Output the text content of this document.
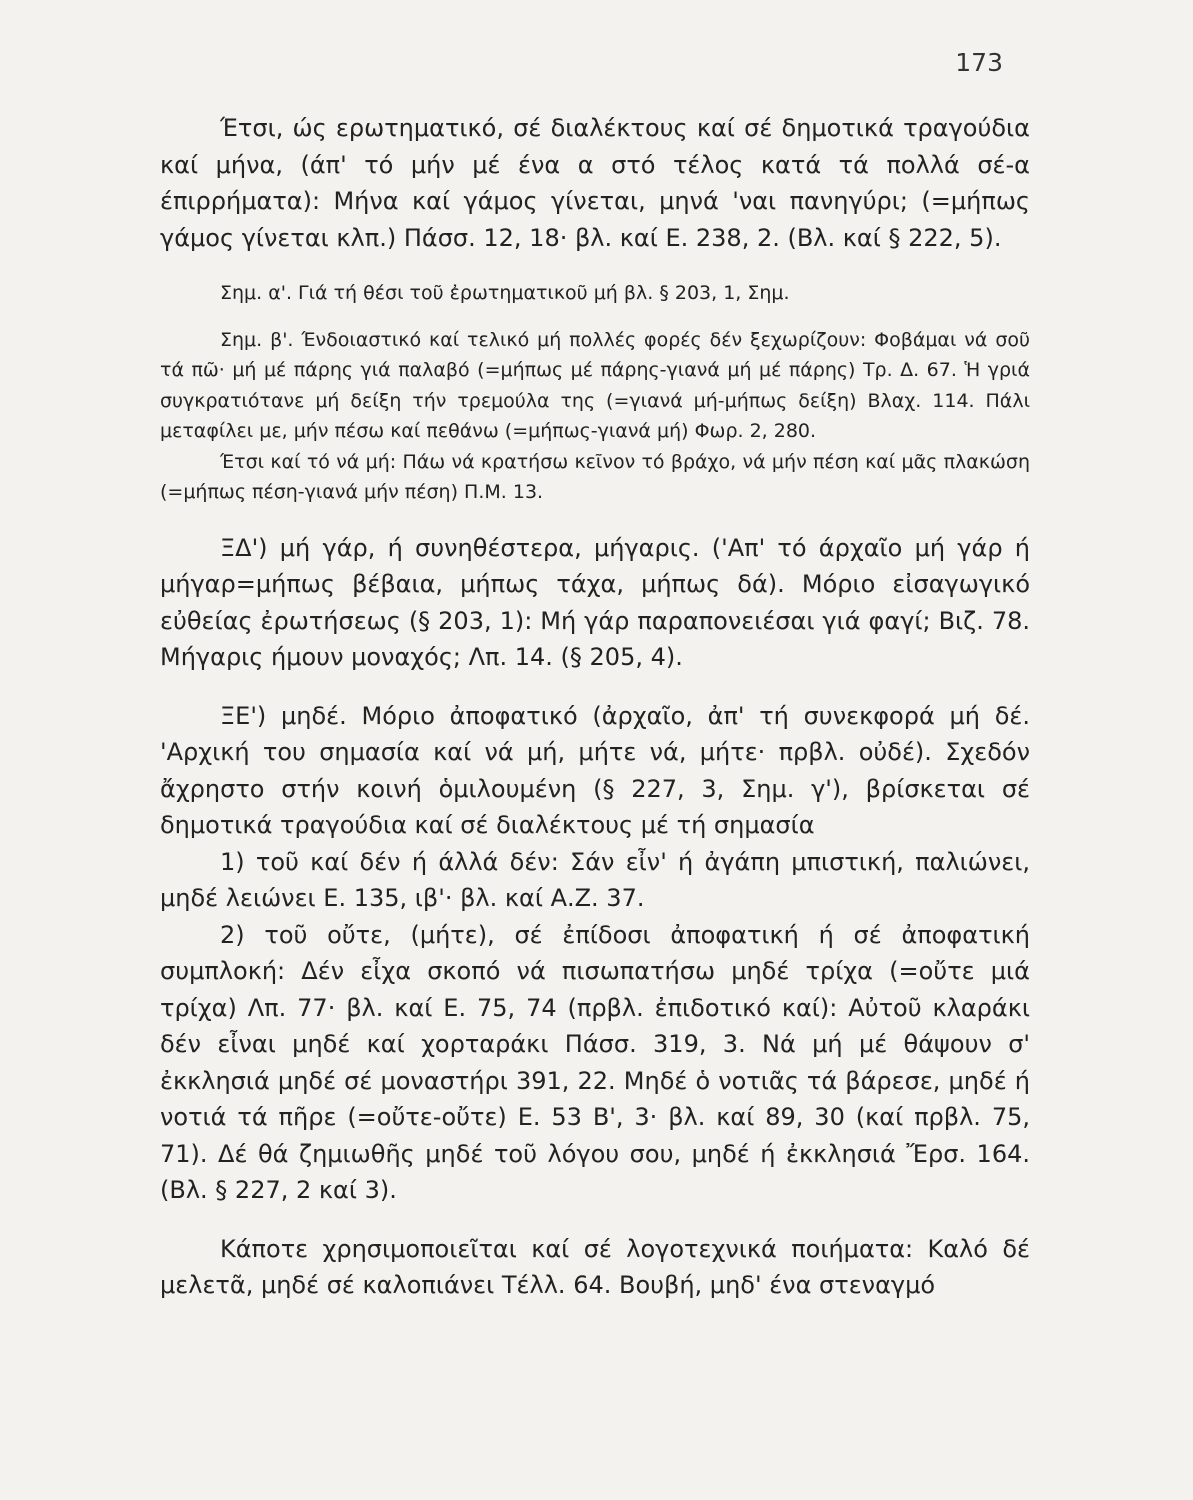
173

Έτσι, ώς ερωτηματικό, σέ διαλέκτους καί σέ δημοτικά τραγούδια καί μήνα, (άπ' τό μήν μέ ένα α στό τέλος κατά τά πολλά σέ-α έπιρρήματα): Μήνα καί γάμος γίνεται, μηνά 'ναι πανηγύρι; (=μήπως γάμος γίνεται κλπ.) Πάσσ. 12, 18· βλ. καί Ε. 238, 2. (Βλ. καί § 222, 5).

Σημ. α'. Γιά τή θέσι τοῦ ἐρωτηματικοῦ μή βλ. § 203, 1, Σημ.

Σημ. β'. Ένδοιαστικό καί τελικό μή πολλές φορές δέν ξεχωρίζουν: Φοβάμαι νά σοῦ τά πῶ· μή μέ πάρης γιά παλαβό (=μήπως μέ πάρης-γιανά μή μέ πάρης) Τρ. Δ. 67. Ἡ γριά συγκρατιότανε μή δείξη τήν τρεμούλα της (=γιανά μή-μήπως δείξη) Βλαχ. 114. Πάλι μεταφίλει με, μήν πέσω καί πεθάνω (=μήπως-γιανά μή) Φωρ. 2, 280.

Έτσι καί τό νά μή: Πάω νά κρατήσω κεῖνον τό βράχο, νά μήν πέση καί μᾶς πλακώση (=μήπως πέση-γιανά μήν πέση) Π.Μ. 13.

ΞΔ') μή γάρ, ή συνηθέστερα, μήγαρις. ('Απ' τό άρχαῖο μή γάρ ή μήγαρ=μήπως βέβαια, μήπως τάχα, μήπως δά). Μόριο εἰσαγωγικό εὐθείας ἐρωτήσεως (§ 203, 1): Μή γάρ παραπονειέσαι γιά φαγί; Βιζ. 78. Μήγαρις ήμουν μοναχός; Λπ. 14. (§ 205, 4).

ΞΕ') μηδέ. Μόριο ἀποφατικό (ἀρχαῖο, ἀπ' τή συνεκφορά μή δέ. 'Αρχική του σημασία καί νά μή, μήτε νά, μήτε· πρβλ. οὐδέ). Σχεδόν ἄχρηστο στήν κοινή ὁμιλουμένη (§ 227, 3, Σημ. γ'), βρίσκεται σέ δημοτικά τραγούδια καί σέ διαλέκτους μέ τή σημασία

1) τοῦ καί δέν ή άλλά δέν: Σάν εἶν' ή ἀγάπη μπιστική, παλιώνει, μηδέ λειώνει Ε. 135, ιβ'· βλ. καί Α.Ζ. 37.

2) τοῦ οὔτε, (μήτε), σέ ἐπίδοσι ἀποφατική ή σέ ἀποφατική συμπλοκή: Δέν εἶχα σκοπό νά πισωπατήσω μηδέ τρίχα (=οὔτε μιά τρίχα) Λπ. 77· βλ. καί Ε. 75, 74 (πρβλ. ἐπιδοτικό καί): Αὐτοῦ κλαράκι δέν εἶναι μηδέ καί χορταράκι Πάσσ. 319, 3. Νά μή μέ θάψουν σ' ἐκκλησιά μηδέ σέ μοναστήρι 391, 22. Μηδέ ὁ νοτιᾶς τά βάρεσε, μηδέ ή νοτιά τά πῆρε (=οὔτε-οὔτε) Ε. 53 Β', 3· βλ. καί 89, 30 (καί πρβλ. 75, 71). Δέ θά ζημιωθῆς μηδέ τοῦ λόγου σου, μηδέ ή ἐκκλησιά Ἔρσ. 164. (Βλ. § 227, 2 καί 3).

Κάποτε χρησιμοποιεῖται καί σέ λογοτεχνικά ποιήματα: Καλό δέ μελετᾶ, μηδέ σέ καλοπιάνει Τέλλ. 64. Βουβή, μηδ' ένα στεναγμό
